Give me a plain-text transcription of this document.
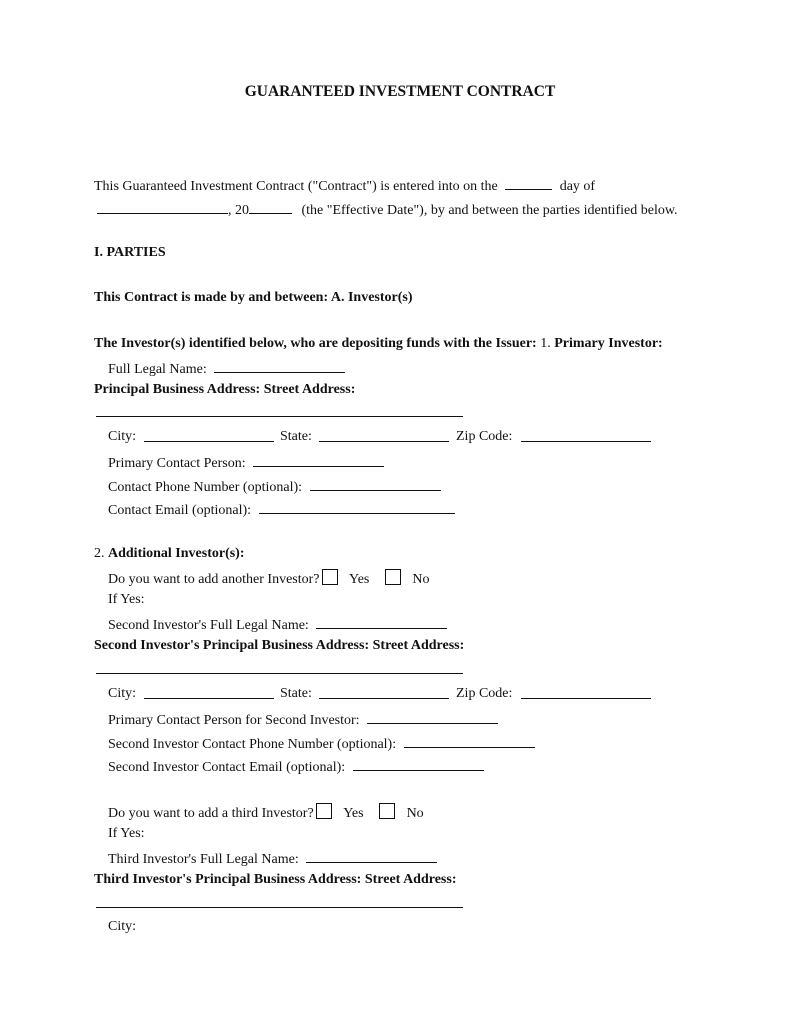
GUARANTEED INVESTMENT CONTRACT
This Guaranteed Investment Contract ("Contract") is entered into on the	day of
, 20	(the "Effective Date"), by and between the parties identified below.
I. PARTIES
This Contract is made by and between: A. Investor(s)
The Investor(s) identified below, who are depositing funds with the Issuer: 1. Primary Investor:
Full Legal Name:
Principal Business Address: Street Address:
City:	State:	Zip Code:
Primary Contact Person:
Contact Phone Number (optional):
Contact Email (optional):
2. Additional Investor(s):
Do you want to add another Investor? Yes	No
If Yes:
Second Investor's Full Legal Name:
Second Investor's Principal Business Address: Street Address:
City:	State:	Zip Code:
Primary Contact Person for Second Investor:
Second Investor Contact Phone Number (optional):
Second Investor Contact Email (optional):
Do you want to add a third Investor? Yes	No
If Yes:
Third Investor's Full Legal Name:
Third Investor's Principal Business Address: Street Address:
City:
